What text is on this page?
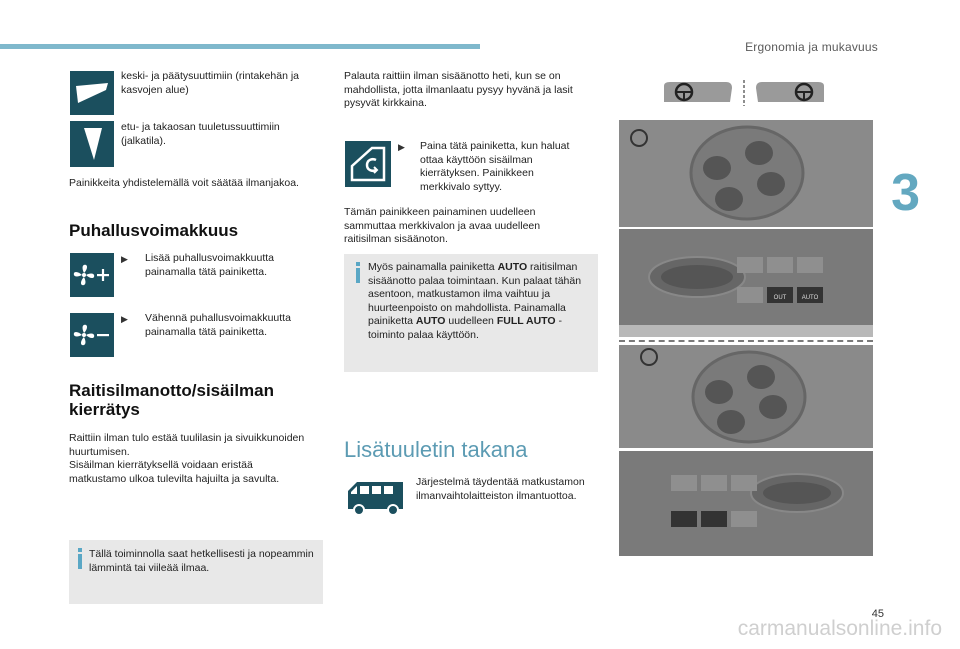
Ergonomia ja mukavuus
3
keski- ja päätysuuttimiin (rintakehän ja kasvojen alue)
etu- ja takaosan tuuletussuuttimiin (jalkatila).
Painikkeita yhdistelemällä voit säätää ilmanjakoa.
Puhallusvoimakkuus
▶ Lisää puhallusvoimakkuutta painamalla tätä painiketta.
▶ Vähennä puhallusvoimakkuutta painamalla tätä painiketta.
Raitisilmanotto/sisäilman kierrätys
Raittiin ilman tulo estää tuulilasin ja sivuikkunoiden huurtumisen.
Sisäilman kierrätyksellä voidaan eristää matkustamo ulkoa tulevilta hajuilta ja savulta.
Tällä toiminnolla saat hetkellisesti ja nopeammin lämmintä tai viileää ilmaa.
Palauta raittiin ilman sisäänotto heti, kun se on mahdollista, jotta ilmanlaatu pysyy hyvänä ja lasit pysyvät kirkkaina.
▶ Paina tätä painiketta, kun haluat ottaa käyttöön sisäilman kierrätyksen. Painikkeen merkkivalo syttyy.
Tämän painikkeen painaminen uudelleen sammuttaa merkkivalon ja avaa uudelleen raitisilman sisäänoton.
Myös painamalla painiketta AUTO raitisilman sisäänotto palaa toimintaan. Kun palaat tähän asentoon, matkustamon ilma vaihtuu ja huurteenpoisto on mahdollista. Painamalla painiketta AUTO uudelleen FULL AUTO -toiminto palaa käyttöön.
Lisätuuletin takana
Järjestelmä täydentää matkustamon ilmanvaihtolaitteiston ilmantuottoa.
OUT	AUTO
45
carmanualsonline.info
